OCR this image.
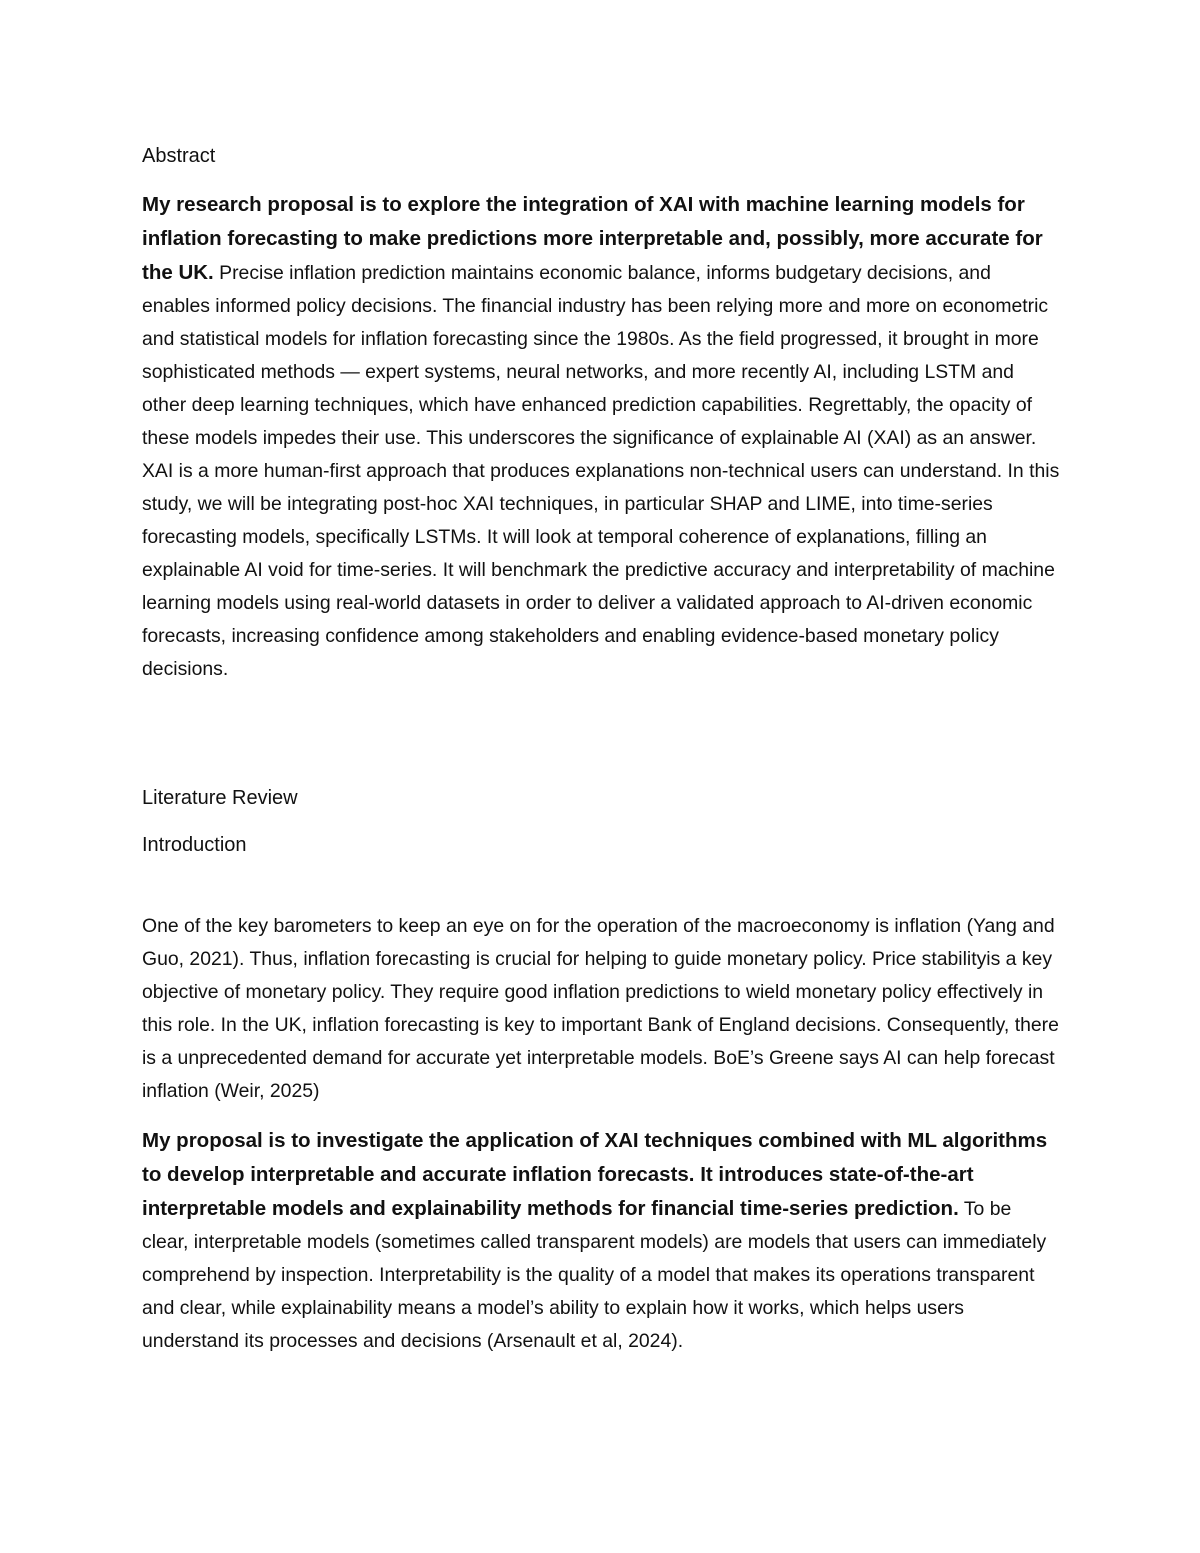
Abstract

My research proposal is to explore the integration of XAI with machine learning models for inflation forecasting to make predictions more interpretable and, possibly, more accurate for the UK. Precise inflation prediction maintains economic balance, informs budgetary decisions, and enables informed policy decisions. The financial industry has been relying more and more on econometric and statistical models for inflation forecasting since the 1980s. As the field progressed, it brought in more sophisticated methods — expert systems, neural networks, and more recently AI, including LSTM and other deep learning techniques, which have enhanced prediction capabilities. Regrettably, the opacity of these models impedes their use. This underscores the significance of explainable AI (XAI) as an answer. XAI is a more human-first approach that produces explanations non-technical users can understand. In this study, we will be integrating post-hoc XAI techniques, in particular SHAP and LIME, into time-series forecasting models, specifically LSTMs. It will look at temporal coherence of explanations, filling an explainable AI void for time-series. It will benchmark the predictive accuracy and interpretability of machine learning models using real-world datasets in order to deliver a validated approach to AI-driven economic forecasts, increasing confidence among stakeholders and enabling evidence-based monetary policy decisions.

Literature Review
Introduction

One of the key barometers to keep an eye on for the operation of the macroeconomy is inflation (Yang and Guo, 2021). Thus, inflation forecasting is crucial for helping to guide monetary policy. Price stabilityis a key objective of monetary policy. They require good inflation predictions to wield monetary policy effectively in this role. In the UK, inflation forecasting is key to important Bank of England decisions. Consequently, there is a unprecedented demand for accurate yet interpretable models. BoE’s Greene says AI can help forecast inflation (Weir, 2025)

My proposal is to investigate the application of XAI techniques combined with ML algorithms to develop interpretable and accurate inflation forecasts. It introduces state-of-the-art interpretable models and explainability methods for financial time-series prediction. To be clear, interpretable models (sometimes called transparent models) are models that users can immediately comprehend by inspection. Interpretability is the quality of a model that makes its operations transparent and clear, while explainability means a model’s ability to explain how it works, which helps users understand its processes and decisions (Arsenault et al, 2024).
